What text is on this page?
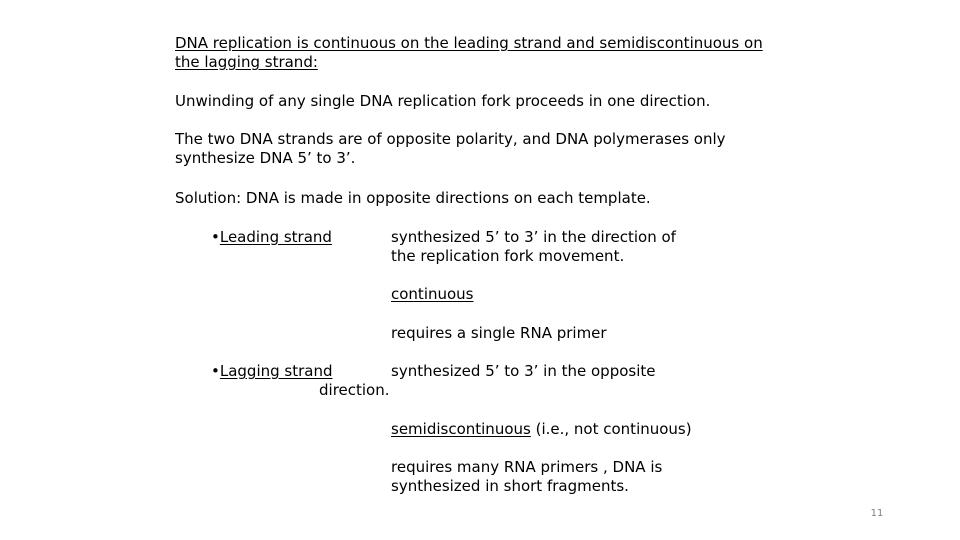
DNA replication is continuous on the leading strand and semidiscontinuous on
the lagging strand:
Unwinding of any single DNA replication fork proceeds in one direction.
The two DNA strands are of opposite polarity, and DNA polymerases only
synthesize DNA 5’ to 3’.
Solution: DNA is made in opposite directions on each template.
•Leading strand	synthesized 5’ to 3’ in the direction of
the replication fork movement.
continuous
requires a single RNA primer
•Lagging strand	synthesized 5’ to 3’ in the opposite
direction.
semidiscontinuous (i.e., not continuous)
requires many RNA primers , DNA is
synthesized in short fragments.
11
